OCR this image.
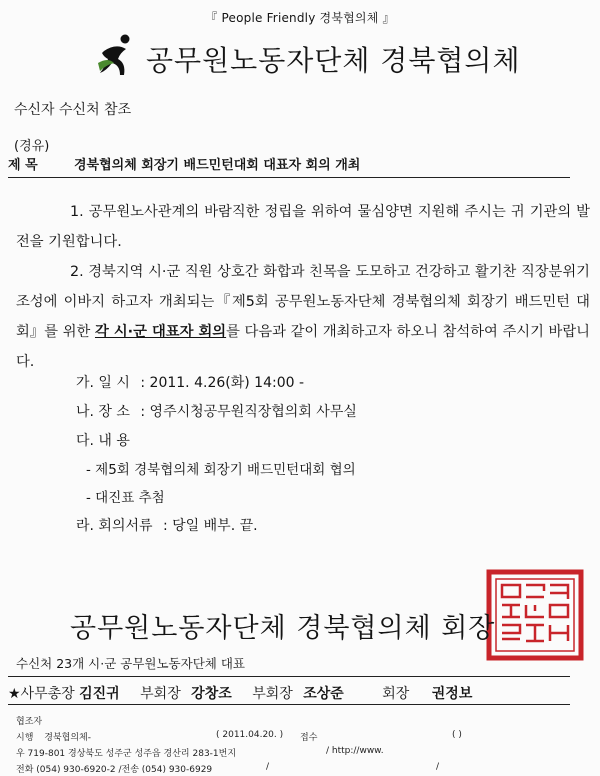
『 People Friendly 경북협의체 』
공무원노동자단체 경북협의체
수신자 수신처 참조
(경유)
제 목	경북협의체 회장기 배드민턴대회 대표자 회의 개최
1. 공무원노사관계의 바람직한 정립을 위하여 물심양면 지원해 주시는 귀 기관의 발전을 기원합니다.
2. 경북지역 시·군 직원 상호간 화합과 친목을 도모하고 건강하고 활기찬 직장분위기 조성에 이바지 하고자 개최되는『제5회 공무원노동자단체 경북협의체 회장기 배드민턴 대회』를 위한 각 시·군 대표자 회의를 다음과 같이 개최하고자 하오니 참석하여 주시기 바랍니다.
가. 일 시 : 2011. 4.26(화) 14:00 -
나. 장 소 : 영주시청공무원직장협의회 사무실
다. 내 용
- 제5회 경북협의체 회장기 배드민턴대회 협의
- 대진표 추첨
라. 회의서류 : 당일 배부. 끝.
공무원노동자단체 경북협의체 회장
수신처 23개 시·군 공무원노동자단체 대표
★사무총장 김진귀 부회장 강창조 부회장 조상준	회장 권정보
협조자
시행 경북협의체-	( 2011.04.20. ) 접수	( )
우 719-801 경상북도 성주군 성주읍 경산리 283-1번지	/ http://www.
전화 (054) 930-6920-2 /전송 (054) 930-6929	/	/
